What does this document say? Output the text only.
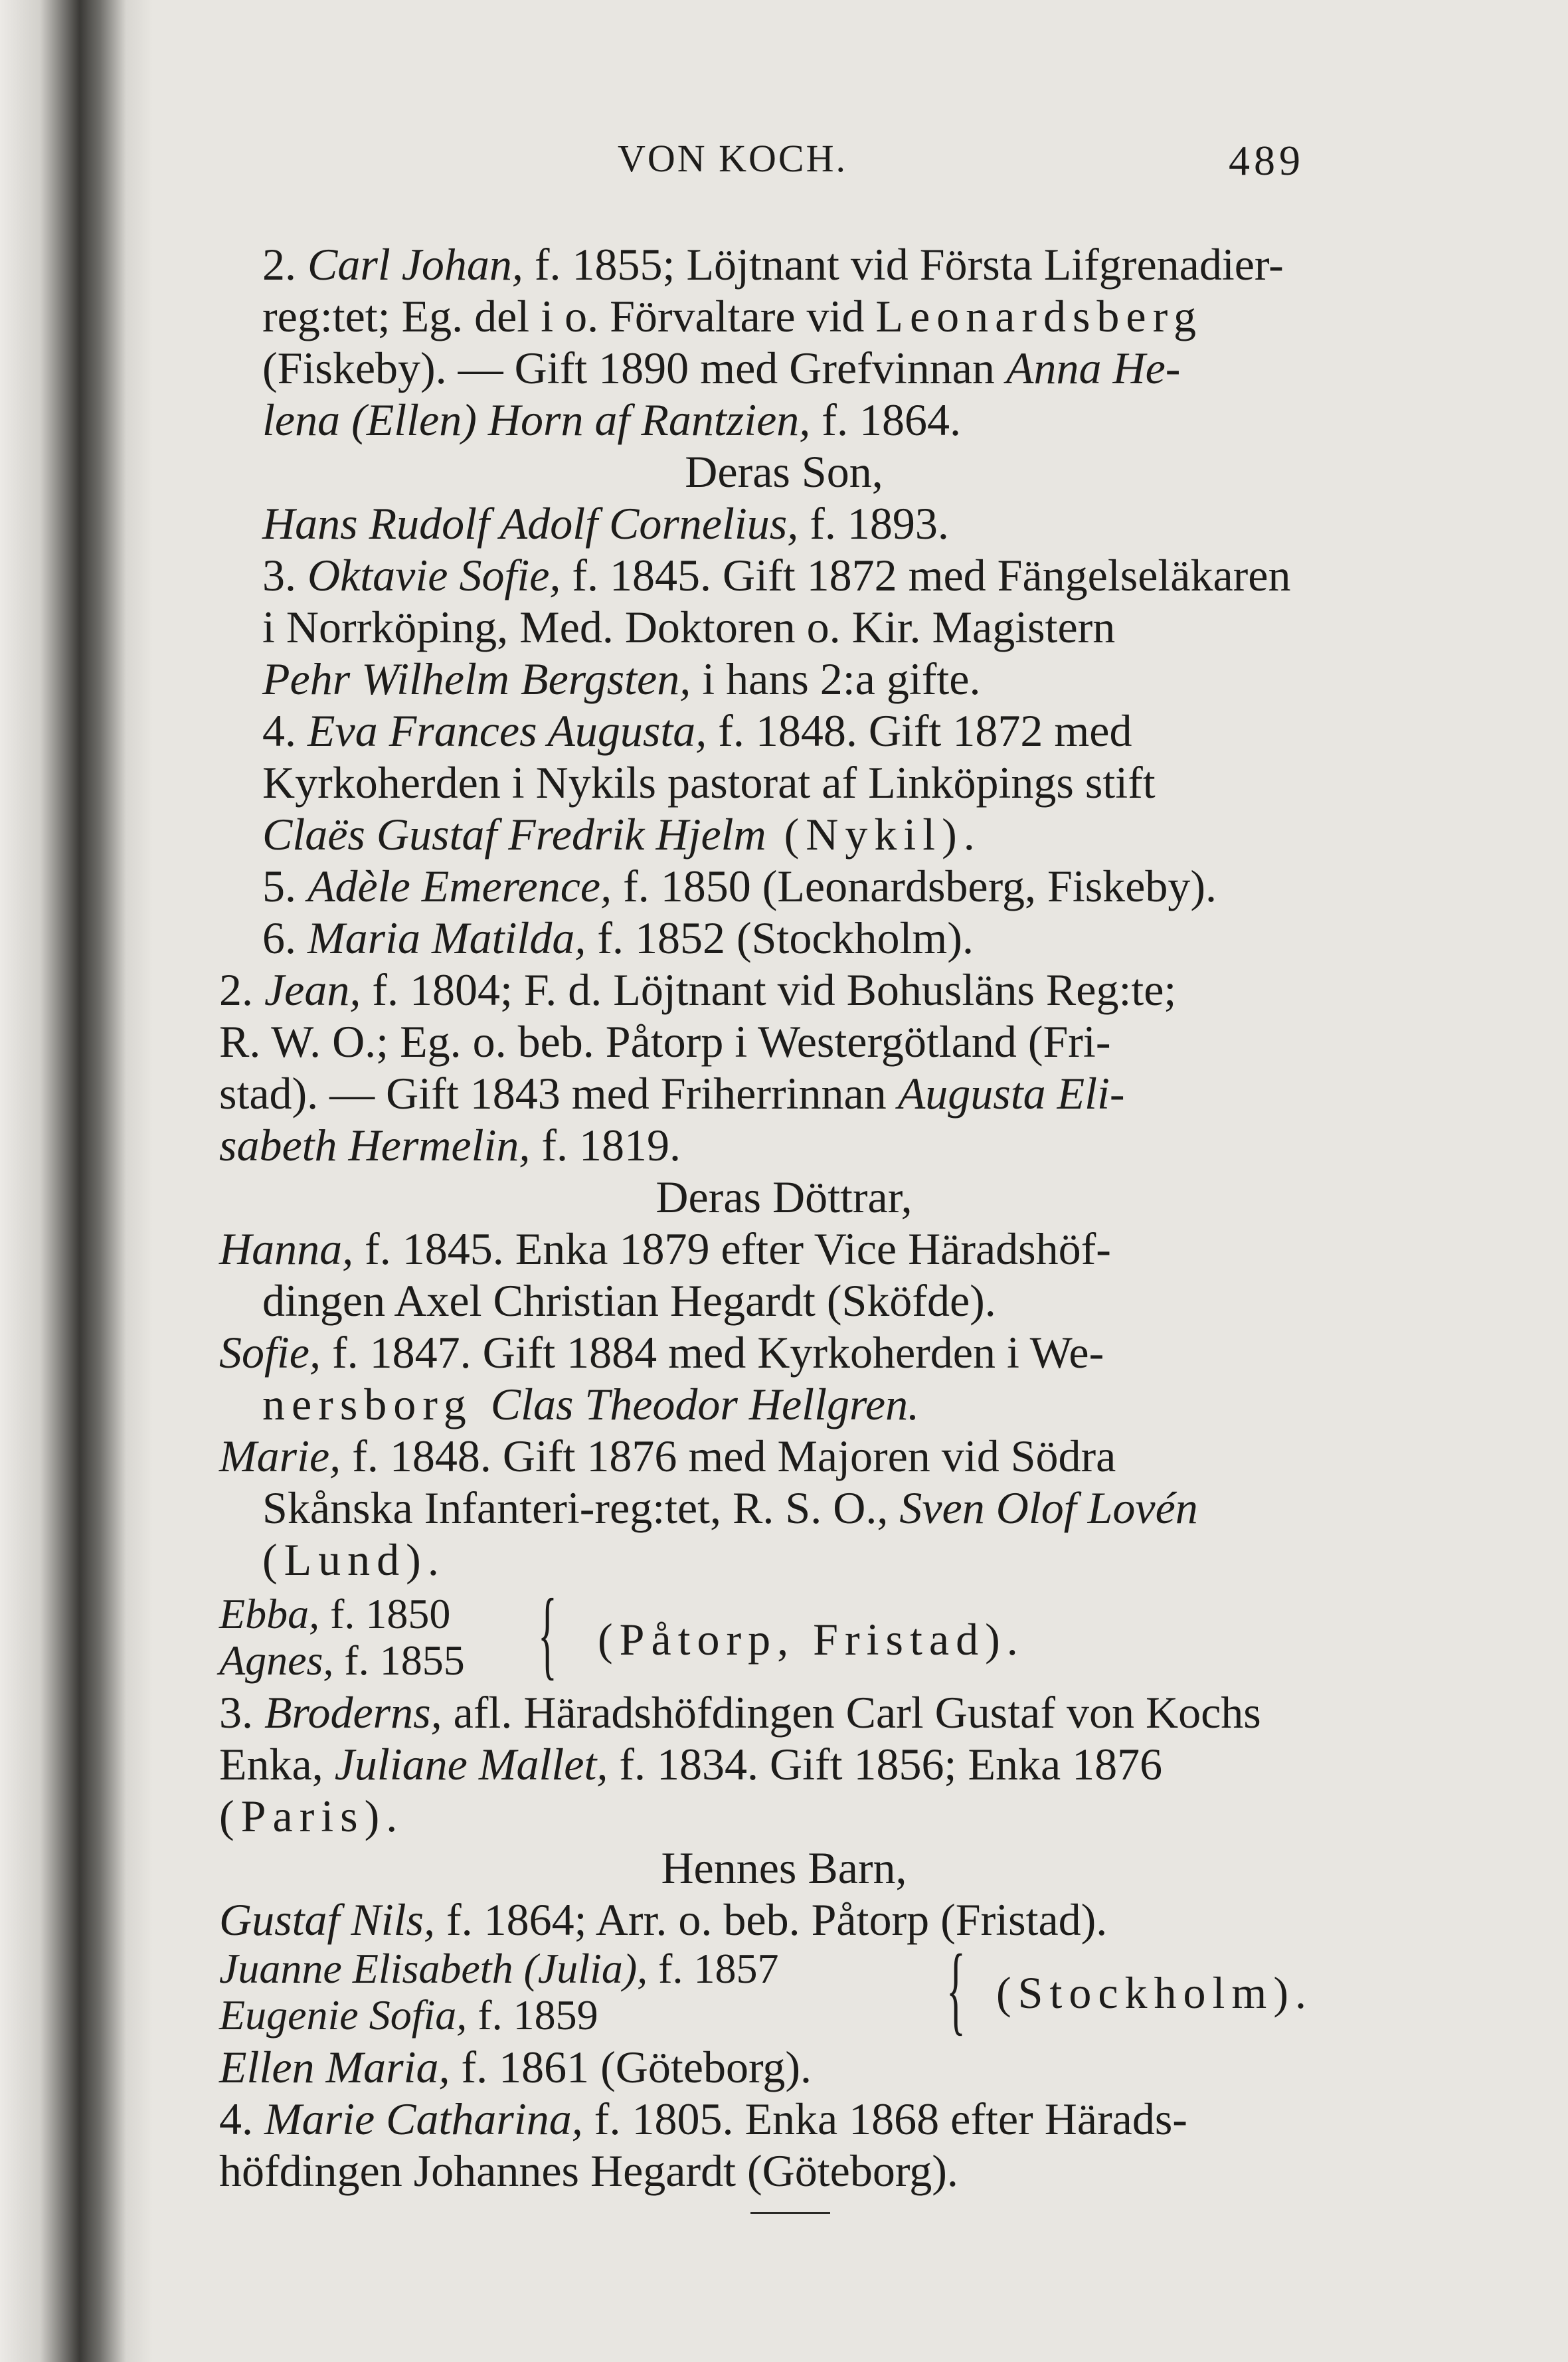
VON KOCH.	489
2. Carl Johan, f. 1855; Löjtnant vid Första Lifgrenadier-
reg:tet; Eg. del i o. Förvaltare vid Leonardsberg
(Fiskeby). — Gift 1890 med Grefvinnan Anna He-
lena (Ellen) Horn af Rantzien, f. 1864.
Deras Son,
Hans Rudolf Adolf Cornelius, f. 1893.
3. Oktavie Sofie, f. 1845. Gift 1872 med Fängelseläkaren
i Norrköping, Med. Doktoren o. Kir. Magistern
Pehr Wilhelm Bergsten, i hans 2:a gifte.
4. Eva Frances Augusta, f. 1848. Gift 1872 med
Kyrkoherden i Nykils pastorat af Linköpings stift
Claës Gustaf Fredrik Hjelm (Nykil).
5. Adèle Emerence, f. 1850 (Leonardsberg, Fiskeby).
6. Maria Matilda, f. 1852 (Stockholm).
2. Jean, f. 1804; F. d. Löjtnant vid Bohusläns Reg:te;
R. W. O.; Eg. o. beb. Påtorp i Westergötland (Fri-
stad). — Gift 1843 med Friherrinnan Augusta Eli-
sabeth Hermelin, f. 1819.
Deras Döttrar,
Hanna, f. 1845. Enka 1879 efter Vice Häradshöf-
dingen Axel Christian Hegardt (Sköfde).
Sofie, f. 1847. Gift 1884 med Kyrkoherden i We-
nersborg Clas Theodor Hellgren.
Marie, f. 1848. Gift 1876 med Majoren vid Södra
Skånska Infanteri-reg:tet, R. S. O., Sven Olof Lovén
(Lund).
Ebba, f. 1850
Agnes, f. 1855 { (Påtorp, Fristad).
3. Broderns, afl. Häradshöfdingen Carl Gustaf von Kochs
Enka, Juliane Mallet, f. 1834. Gift 1856; Enka 1876
(Paris).
Hennes Barn,
Gustaf Nils, f. 1864; Arr. o. beb. Påtorp (Fristad).
Juanne Elisabeth (Julia), f. 1857
Eugenie Sofia, f. 1859	{ (Stockholm).
Ellen Maria, f. 1861 (Göteborg).
4. Marie Catharina, f. 1805. Enka 1868 efter Härads-
höfdingen Johannes Hegardt (Göteborg).
